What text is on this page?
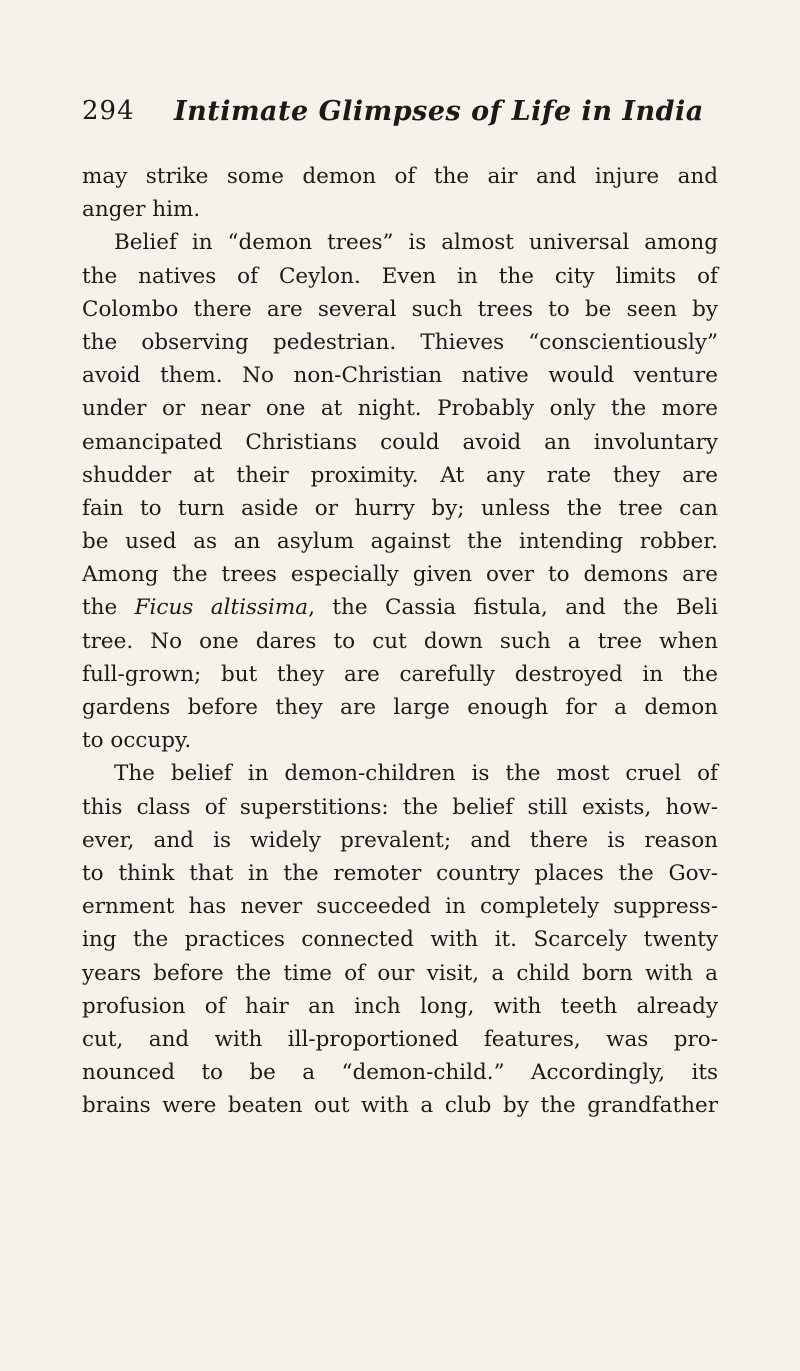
294 Intimate Glimpses of Life in India
may strike some demon of the air and injure and
anger him.
Belief in “demon trees” is almost universal among
the natives of Ceylon. Even in the city limits of
Colombo there are several such trees to be seen by
the observing pedestrian. Thieves “conscientiously”
avoid them. No non-Christian native would venture
under or near one at night. Probably only the more
emancipated Christians could avoid an involuntary
shudder at their proximity. At any rate they are
fain to turn aside or hurry by; unless the tree can
be used as an asylum against the intending robber.
Among the trees especially given over to demons are
the Ficus altissima, the Cassia fistula, and the Beli
tree. No one dares to cut down such a tree when
full-grown; but they are carefully destroyed in the
gardens before they are large enough for a demon
to occupy.
The belief in demon-children is the most cruel of
this class of superstitions: the belief still exists, how-
ever, and is widely prevalent; and there is reason
to think that in the remoter country places the Gov-
ernment has never succeeded in completely suppress-
ing the practices connected with it. Scarcely twenty
years before the time of our visit, a child born with a
profusion of hair an inch long, with teeth already
cut, and with ill-proportioned features, was pro-
nounced to be a “demon-child.” Accordingly, its
brains were beaten out with a club by the grandfather
